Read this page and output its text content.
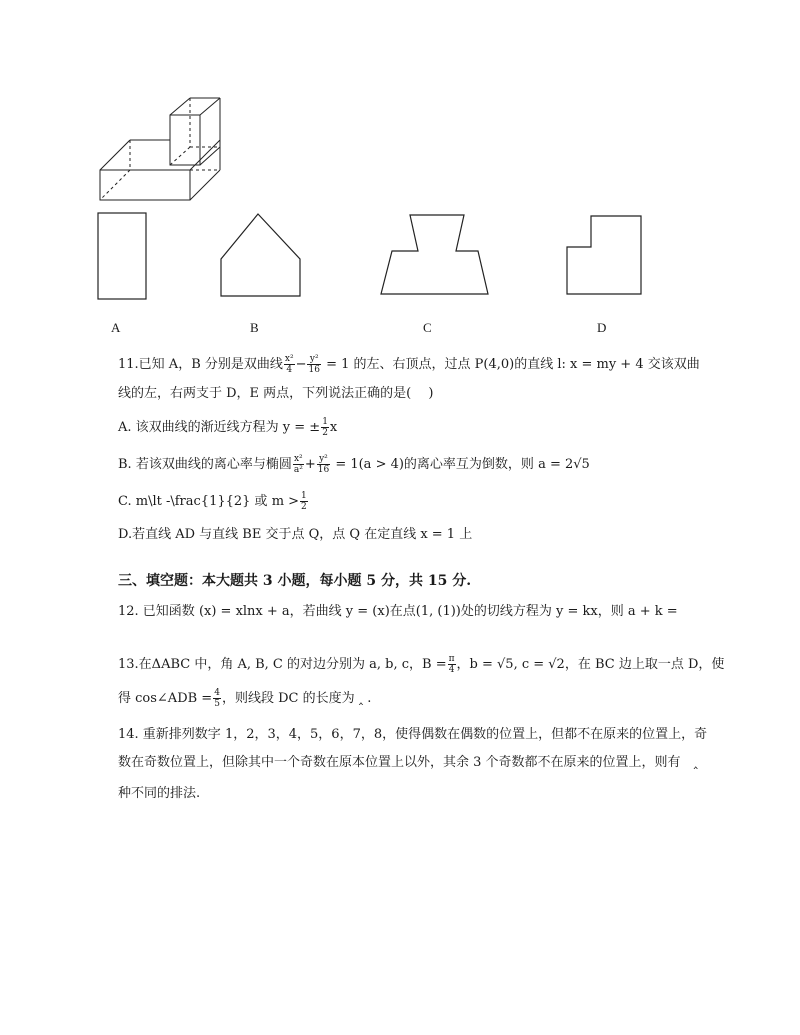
A	B	C	D
11.已知 A，B 分别是双曲线 $\frac{\text{x²}}{4} - \frac{\text{y²}}{16} = 1$ 的左、右顶点，过点 P(4,0)的直线 l: x = my + 4 交该双曲
线的左，右两支于 D，E 两点，下列说法正确的是(　 )
A. 该双曲线的渐近线方程为 y = ± $\frac{1}{2}$ x
B. 若该双曲线的离心率与椭圆 $\frac{\text{x²}}{\text{a²}} + \frac{\text{y²}}{16} = 1(a > 4)$的离心率互为倒数，则 a = 2√5
C. m\lt -\frac{1}{2} 或 $m > \frac{1}{2}$
D.若直线 AD 与直线 BE 交于点 Q，点 Q 在定直线 x = 1 上
三、填空题：本大题共 3 小题，每小题 5 分，共 15 分.
12. 已知函数 (x) = xlnx + a，若曲线 y = (x)在点(1, (1))处的切线方程为 y = kx，则 a + k =
13.在ΔABC 中，角 A, B, C 的对边分别为 a, b, c，$B = \frac{\pi}{4}$ ，b = √5, c = √2，在 BC 边上取一点 D，使
得 cos∠ADB = $\frac{4}{5}$ ，则线段 DC 的长度为 ‸ .
14. 重新排列数字 1，2，3，4，5，6，7，8，使得偶数在偶数的位置上，但都不在原来的位置上，奇
数在奇数位置上，但除其中一个奇数在原本位置上以外，其余 3 个奇数都不在原来的位置上，则有　‸
种不同的排法.
